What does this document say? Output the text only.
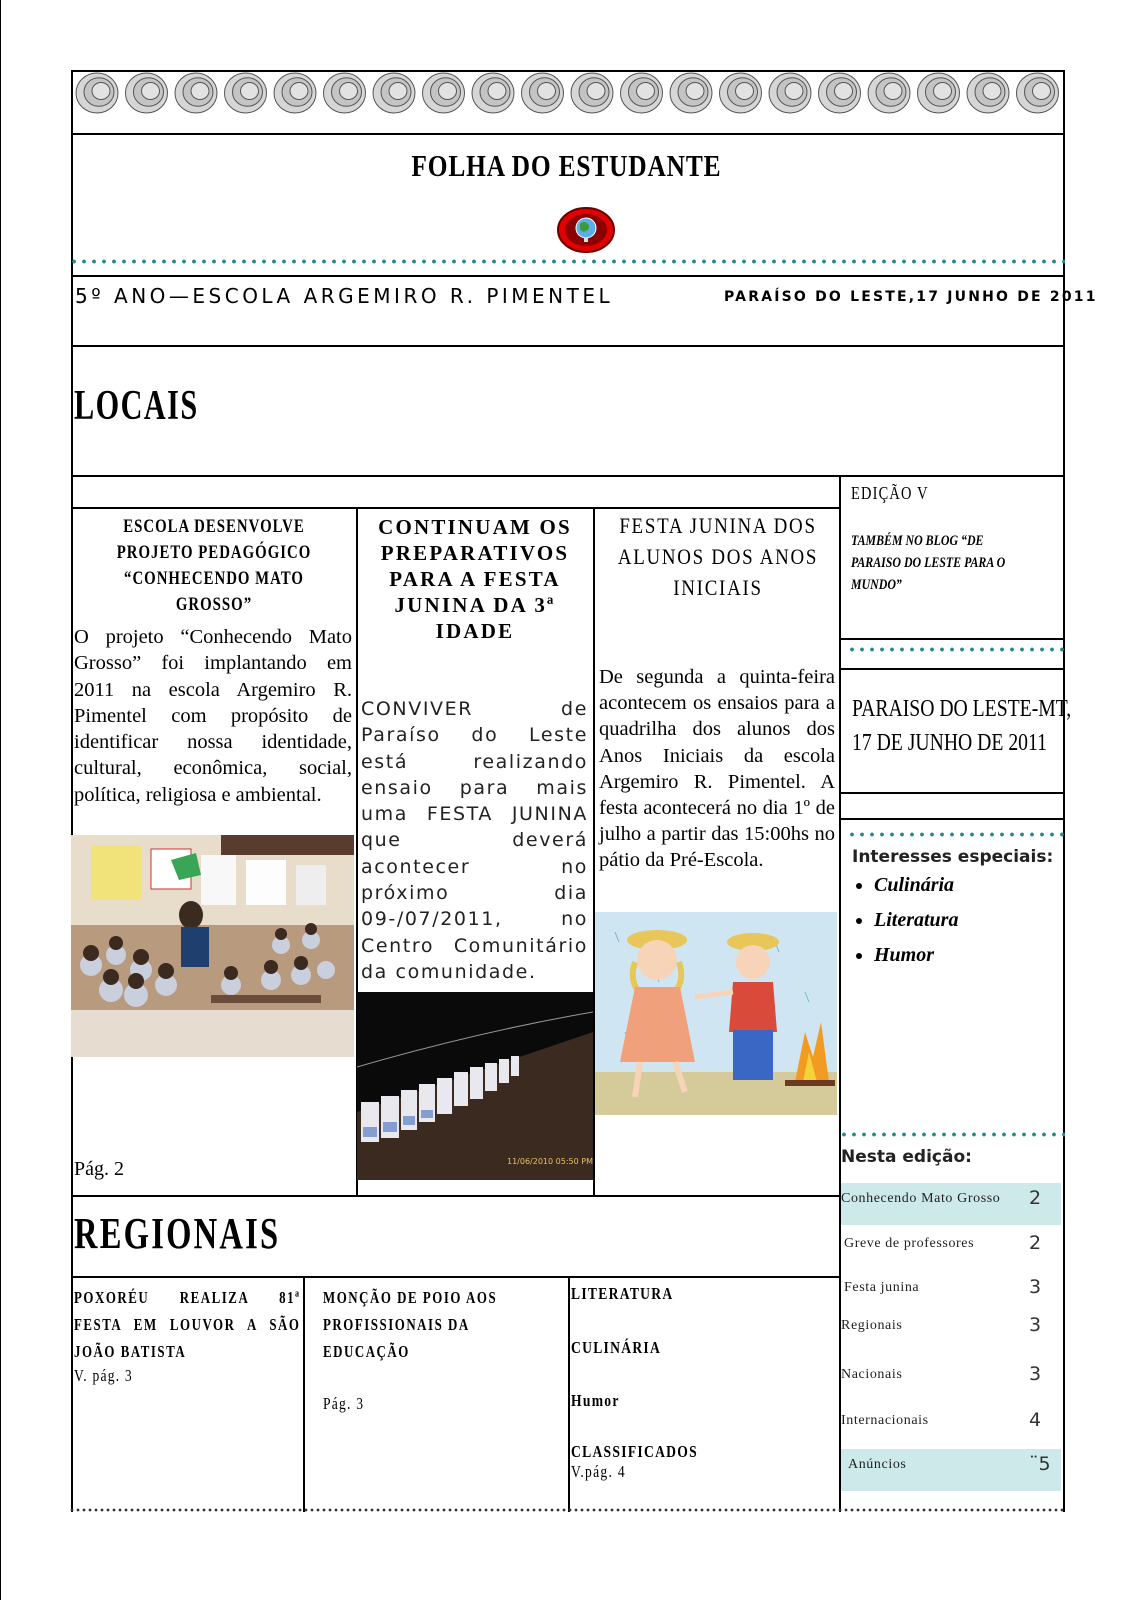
FOLHA DO ESTUDANTE
5º ANO—ESCOLA ARGEMIRO R. PIMENTEL	PARAÍSO DO LESTE,17 JUNHO DE 2011
LOCAIS
ESCOLA DESENVOLVE PROJETO PEDAGÓGICO “CONHECENDO MATO GROSSO”
O projeto “Conhecendo Mato Grosso” foi implantando em 2011 na escola Argemiro R. Pimentel com propósito de identificar nossa identidade, cultural, econômica, social, política, religiosa e ambiental.
Pág. 2
CONTINUAM OS PREPARATIVOS PARA A FESTA JUNINA DA 3ª IDADE
CONVIVER de Paraíso do Leste está realizando ensaio para mais uma FESTA JUNINA que deverá acontecer no próximo dia 09-/07/2011, no Centro Comunitário da comunidade.
11/06/2010 05:50 PM
FESTA JUNINA DOS ALUNOS DOS ANOS INICIAIS
De segunda a quinta-feira acontecem os ensaios para a quadrilha dos alunos dos Anos Iniciais da escola Argemiro R. Pimentel. A festa acontecerá no dia 1º de julho a partir das 15:00hs no pátio da Pré-Escola.
EDIÇÃO V
TAMBÉM NO BLOG “DE PARAISO DO LESTE PARA O MUNDO”
PARAISO DO LESTE-MT,
17 DE JUNHO DE 2011
Interesses especiais:
• Culinária
• Literatura
• Humor
Nesta edição:
Conhecendo Mato Grosso 2
Greve de professores	2
Festa junina	3
Regionais	3
Nacionais	3
Internacionais	4
Anúncios	¨5
REGIONAIS
POXORÉU REALIZA 81ª FESTA EM LOUVOR A SÃO JOÃO BATISTA
V. pág. 3
MONÇÃO DE POIO AOS PROFISSIONAIS DA EDUCAÇÃO
Pág. 3
LITERATURA
CULINÁRIA
Humor
CLASSIFICADOS
V.pág. 4
